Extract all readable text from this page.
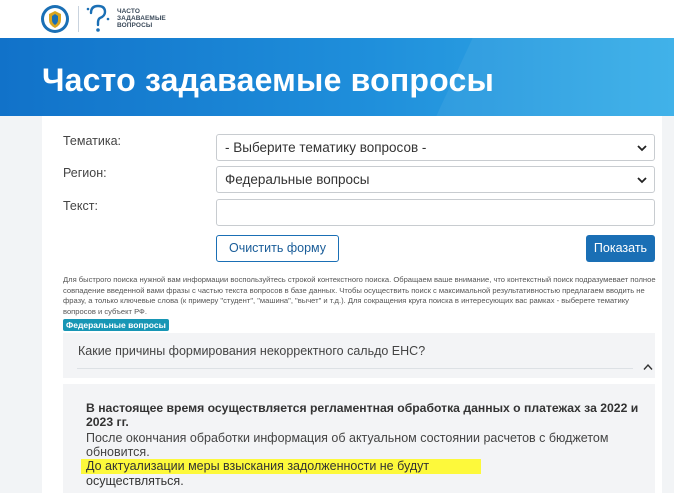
ЧАСТО
ЗАДАВАЕМЫЕ
ВОПРОСЫ
Часто задаваемые вопросы
Тематика:	- Выберите тематику вопросов -
Регион:	Федеральные вопросы
Текст:
Очистить форму	Показать
Для быстрого поиска нужной вам информации воспользуйтесь строкой контекстного поиска. Обращаем ваше внимание, что контекстный поиск подразумевает полное совпадение введенной вами фразы с частью текста вопросов в базе данных. Чтобы осуществить поиск с максимальной результативностью предлагаем вводить не фразу, а только ключевые слова (к примеру "студент", "машина", "вычет" и т.д.). Для сокращения круга поиска в интересующих вас рамках - выберете тематику вопросов и субъект РФ.
Федеральные вопросы
Какие причины формирования некорректного сальдо ЕНС?
В настоящее время осуществляется регламентная обработка данных о платежах за 2022 и 2023 гг.
После окончания обработки информация об актуальном состоянии расчетов с бюджетом обновится.
До актуализации меры взыскания задолженности не будут осуществляться.
